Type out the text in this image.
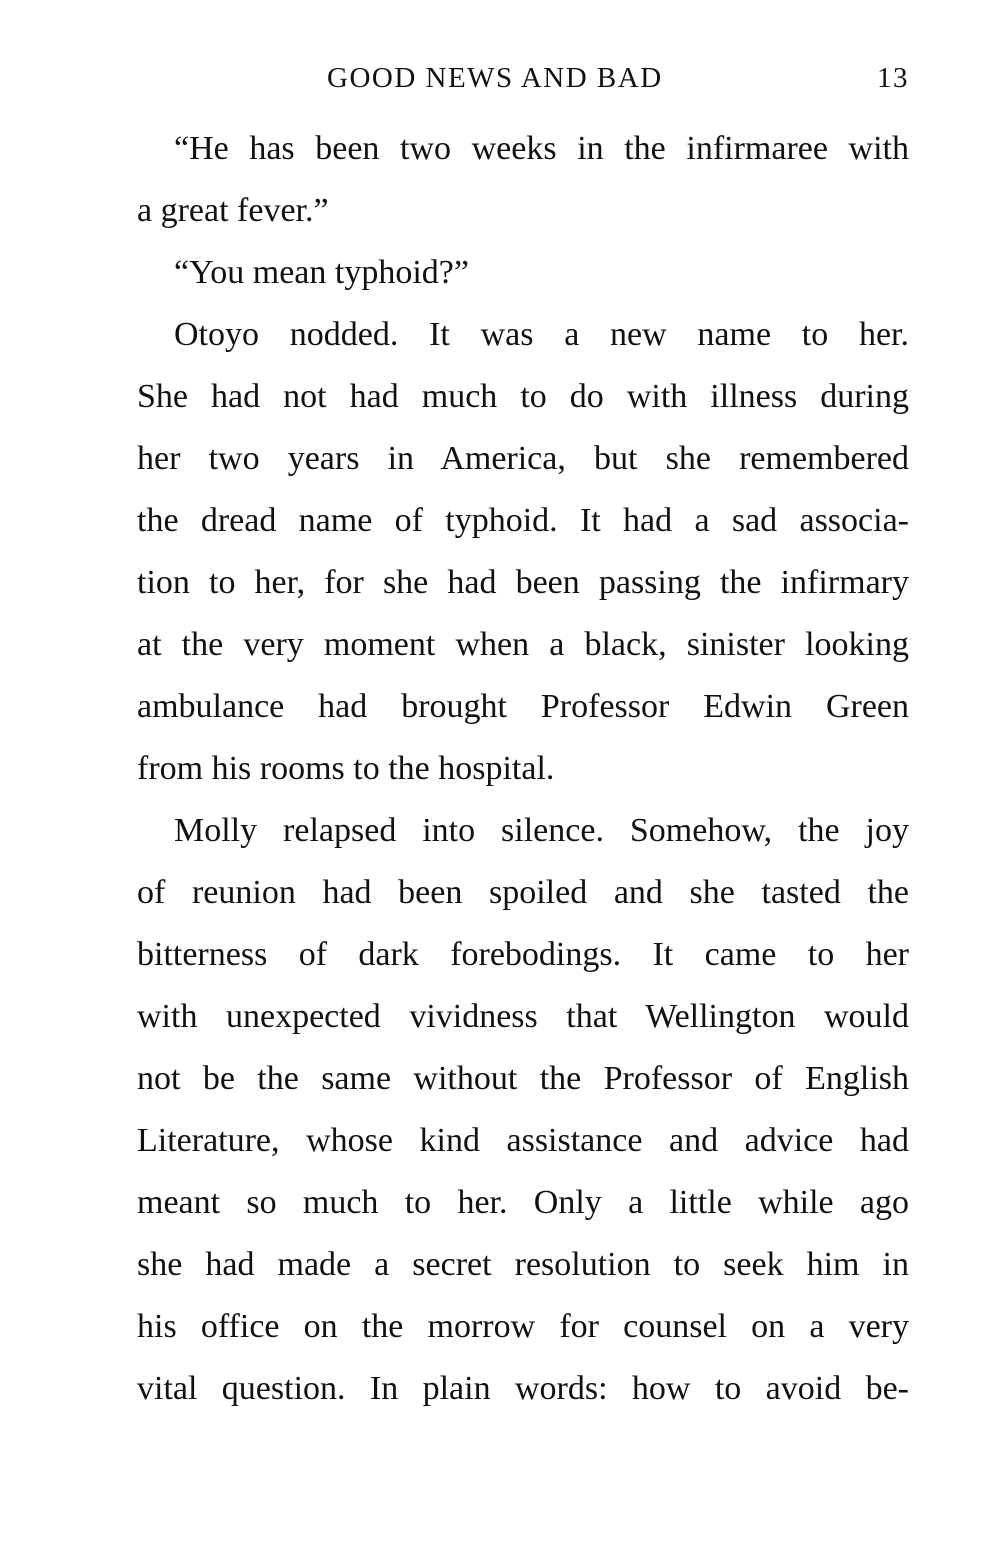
GOOD NEWS AND BAD	13
“He has been two weeks in the infirmaree with
a great fever.”
“You mean typhoid?”
Otoyo nodded. It was a new name to her.
She had not had much to do with illness during
her two years in America, but she remembered
the dread name of typhoid. It had a sad associa-
tion to her, for she had been passing the infirmary
at the very moment when a black, sinister looking
ambulance had brought Professor Edwin Green
from his rooms to the hospital.
Molly relapsed into silence. Somehow, the joy
of reunion had been spoiled and she tasted the
bitterness of dark forebodings. It came to her
with unexpected vividness that Wellington would
not be the same without the Professor of English
Literature, whose kind assistance and advice had
meant so much to her. Only a little while ago
she had made a secret resolution to seek him in
his office on the morrow for counsel on a very
vital question. In plain words: how to avoid be-
